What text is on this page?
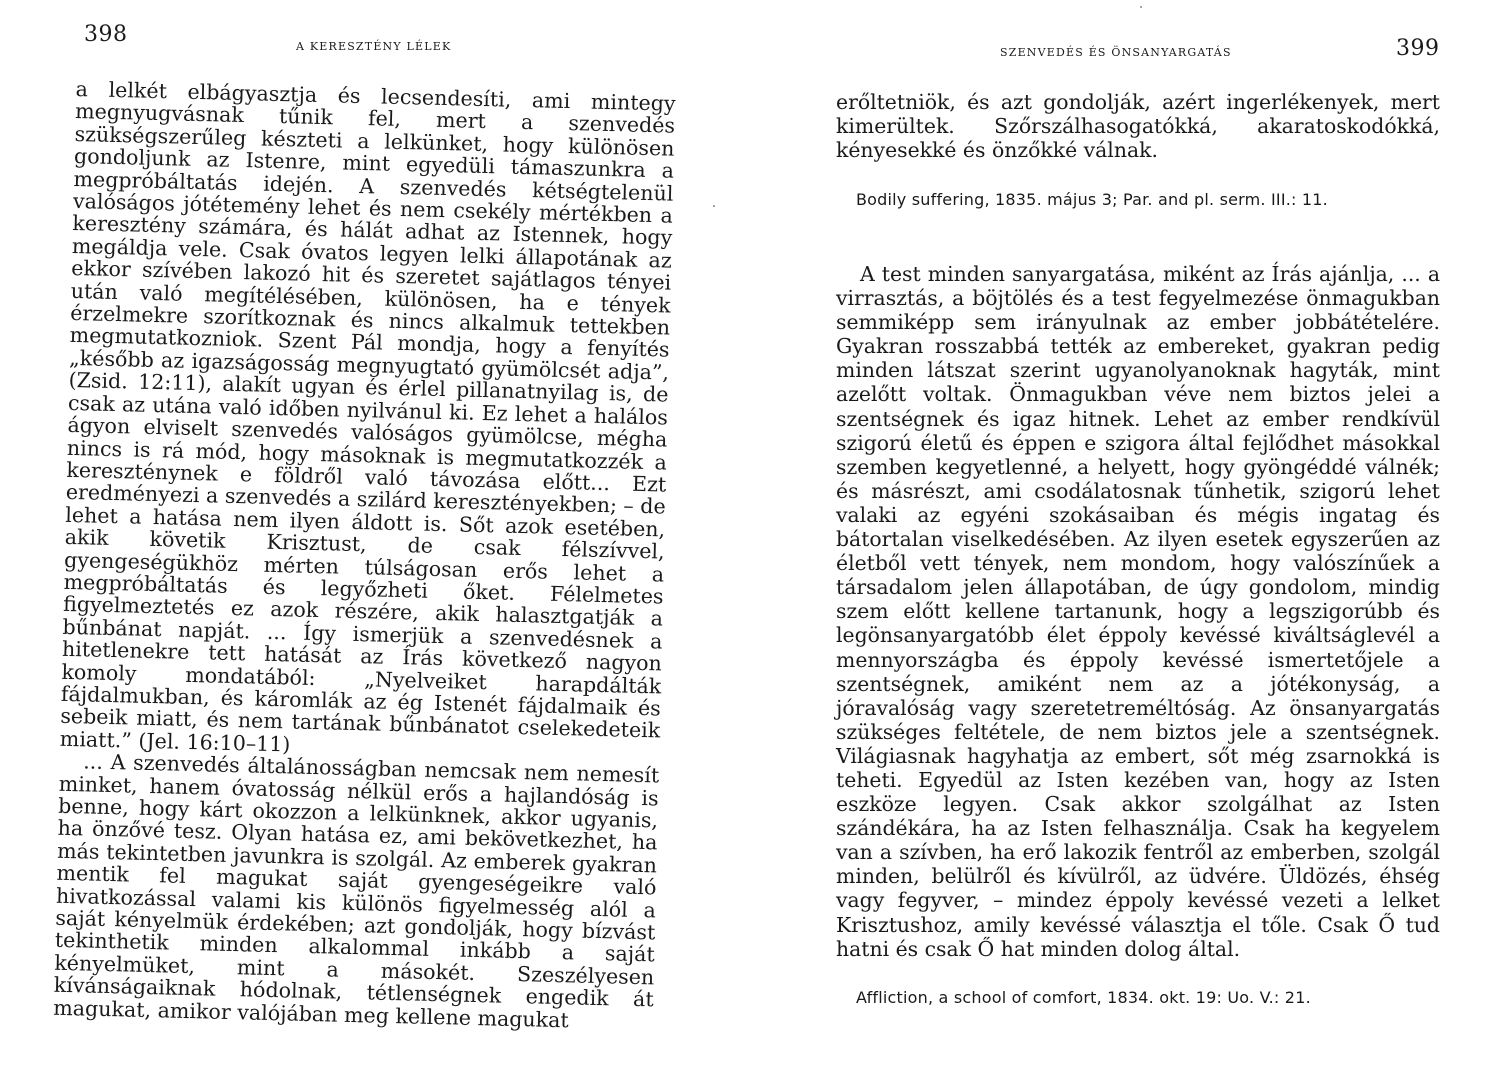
398	A KERESZTÉNY LÉLEK

a lelkét elbágyasztja és lecsendesíti, ami mintegy megnyugvásnak tűnik fel, mert a szenvedés szükségszerűleg készteti a lelkünket, hogy különösen gondoljunk az Istenre, mint egyedüli támaszunkra a megpróbáltatás idején. A szenvedés kétségtelenül valóságos jótétemény lehet és nem csekély mértékben a keresztény számára, és hálát adhat az Istennek, hogy megáldja vele. Csak óvatos legyen lelki állapotának az ekkor szívében lakozó hit és szeretet sajátlagos tényei után való megítélésében, különösen, ha e tények érzelmekre szorítkoznak és nincs alkalmuk tettekben megmutatkozniok. Szent Pál mondja, hogy a fenyítés „később az igazságosság megnyugtató gyümölcsét adja”, (Zsid. 12:11), alakít ugyan és érlel pillanatnyilag is, de csak az utána való időben nyilvánul ki. Ez lehet a halálos ágyon elviselt szenvedés valóságos gyümölcse, mégha nincs is rá mód, hogy másoknak is megmutatkozzék a kereszténynek e földről való távozása előtt... Ezt eredményezi a szenvedés a szilárd keresztényekben; – de lehet a hatása nem ilyen áldott is. Sőt azok esetében, akik követik Krisztust, de csak félszívvel, gyengeségükhöz mérten túlságosan erős lehet a megpróbáltatás és legyőzheti őket. Félelmetes figyelmeztetés ez azok részére, akik halasztgatják a bűnbánat napját. ... Így ismerjük a szenvedésnek a hitetlenekre tett hatását az Írás következő nagyon komoly mondatából: „Nyelveiket harapdálták fájdalmukban, és káromlák az ég Istenét fájdalmaik és sebeik miatt, és nem tartának bűnbánatot cselekedeteik miatt.” (Jel. 16:10–11)

... A szenvedés általánosságban nemcsak nem nemesít minket, hanem óvatosság nélkül erős a hajlandóság is benne, hogy kárt okozzon a lelkünknek, akkor ugyanis, ha önzővé tesz. Olyan hatása ez, ami bekövetkezhet, ha más tekintetben javunkra is szolgál. Az emberek gyakran mentik fel magukat saját gyengeségeikre való hivatkozással valami kis különös figyelmesség alól a saját kényelmük érdekében; azt gondolják, hogy bízvást tekinthetik minden alkalommal inkább a saját kényelmüket, mint a másokét. Szeszélyesen kívánságaiknak hódolnak, tétlenségnek engedik át magukat, amikor valójában meg kellene magukat

SZENVEDÉS ÉS ÖNSANYARGATÁS	399

erőltetniök, és azt gondolják, azért ingerlékenyek, mert kimerültek. Szőrszálhasogatókká, akaratoskodókká, kényesekké és önzőkké válnak.

Bodily suffering, 1835. május 3; Par. and pl. serm. III.: 11.

A test minden sanyargatása, miként az Írás ajánlja, ... a virrasztás, a böjtölés és a test fegyelmezése önmagukban semmiképp sem irányulnak az ember jobbátételére. Gyakran rosszabbá tették az embereket, gyakran pedig minden látszat szerint ugyanolyanoknak hagyták, mint azelőtt voltak. Önmagukban véve nem biztos jelei a szentségnek és igaz hitnek. Lehet az ember rendkívül szigorú életű és éppen e szigora által fejlődhet másokkal szemben kegyetlenné, a helyett, hogy gyöngéddé válnék; és másrészt, ami csodálatosnak tűnhetik, szigorú lehet valaki az egyéni szokásaiban és mégis ingatag és bátortalan viselkedésében. Az ilyen esetek egyszerűen az életből vett tények, nem mondom, hogy valószínűek a társadalom jelen állapotában, de úgy gondolom, mindig szem előtt kellene tartanunk, hogy a legszigorúbb és legönsanyargatóbb élet éppoly kevéssé kiváltságlevél a mennyországba és éppoly kevéssé ismertetőjele a szentségnek, amiként nem az a jótékonyság, a jóravalóság vagy szeretetreméltóság. Az önsanyargatás szükséges feltétele, de nem biztos jele a szentségnek. Világiasnak hagyhatja az embert, sőt még zsarnokká is teheti. Egyedül az Isten kezében van, hogy az Isten eszköze legyen. Csak akkor szolgálhat az Isten szándékára, ha az Isten felhasználja. Csak ha kegyelem van a szívben, ha erő lakozik fentről az emberben, szolgál minden, belülről és kívülről, az üdvére. Üldözés, éhség vagy fegyver, – mindez éppoly kevéssé vezeti a lelket Krisztushoz, amily kevéssé választja el tőle. Csak Ő tud hatni és csak Ő hat minden dolog által.

Affliction, a school of comfort, 1834. okt. 19: Uo. V.: 21.
